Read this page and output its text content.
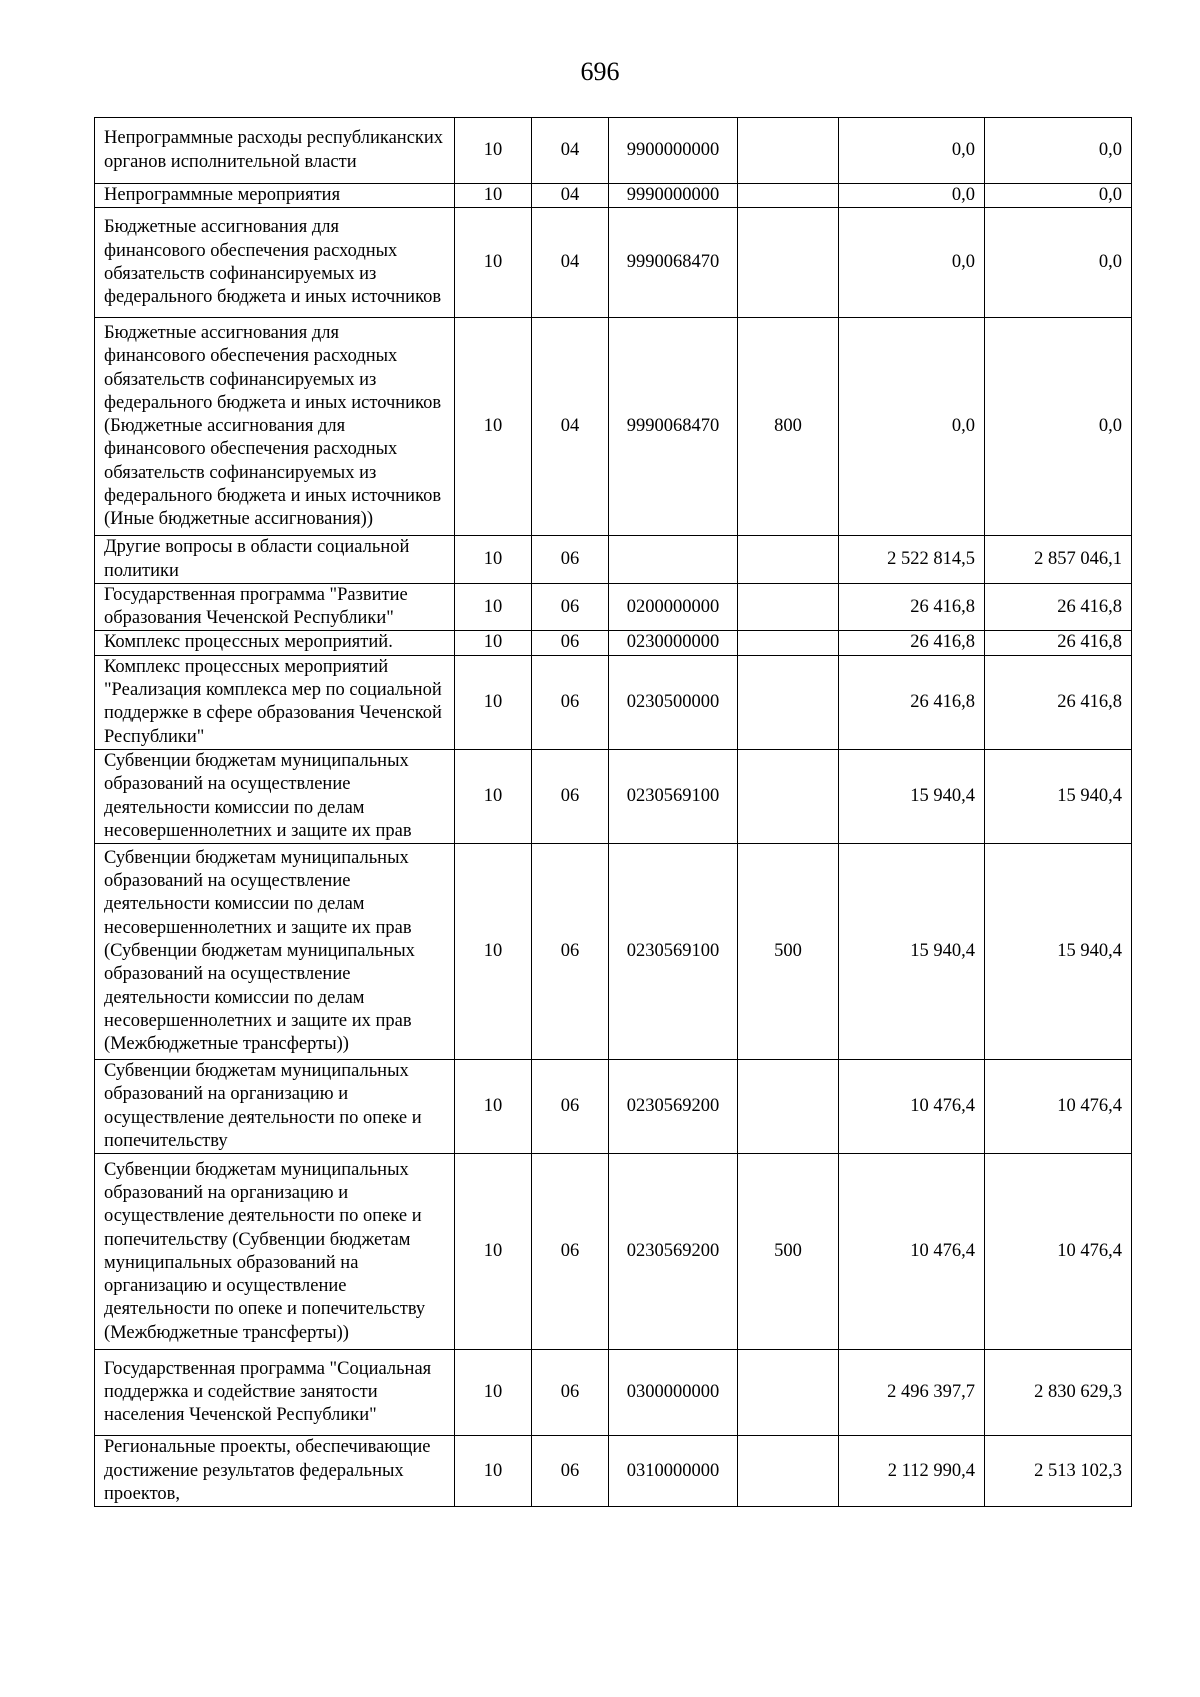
696
Непрограммные расходы республиканских органов исполнительной власти	10	04	9900000000		0,0	0,0
Непрограммные мероприятия	10	04	9990000000		0,0	0,0
Бюджетные ассигнования для финансового обеспечения расходных обязательств софинансируемых из федерального бюджета и иных источников	10	04	9990068470		0,0	0,0
Бюджетные ассигнования для финансового обеспечения расходных обязательств софинансируемых из федерального бюджета и иных источников (Бюджетные ассигнования для финансового обеспечения расходных обязательств софинансируемых из федерального бюджета и иных источников (Иные бюджетные ассигнования))	10	04	9990068470	800	0,0	0,0
Другие вопросы в области социальной политики	10	06			2 522 814,5	2 857 046,1
Государственная программа "Развитие образования Чеченской Республики"	10	06	0200000000		26 416,8	26 416,8
Комплекс процессных мероприятий.	10	06	0230000000		26 416,8	26 416,8
Комплекс процессных мероприятий "Реализация комплекса мер по социальной поддержке в сфере образования Чеченской Республики"	10	06	0230500000		26 416,8	26 416,8
Субвенции бюджетам муниципальных образований на осуществление деятельности комиссии по делам несовершеннолетних и защите их прав	10	06	0230569100		15 940,4	15 940,4
Субвенции бюджетам муниципальных образований на осуществление деятельности комиссии по делам несовершеннолетних и защите их прав (Субвенции бюджетам муниципальных образований на осуществление деятельности комиссии по делам несовершеннолетних и защите их прав (Межбюджетные трансферты))	10	06	0230569100	500	15 940,4	15 940,4
Субвенции бюджетам муниципальных образований на организацию и осуществление деятельности по опеке и попечительству	10	06	0230569200		10 476,4	10 476,4
Субвенции бюджетам муниципальных образований на организацию и осуществление деятельности по опеке и попечительству (Субвенции бюджетам муниципальных образований на организацию и осуществление деятельности по опеке и попечительству (Межбюджетные трансферты))	10	06	0230569200	500	10 476,4	10 476,4
Государственная программа "Социальная поддержка и содействие занятости населения Чеченской Республики"	10	06	0300000000		2 496 397,7	2 830 629,3
Региональные проекты, обеспечивающие достижение результатов федеральных проектов,	10	06	0310000000		2 112 990,4	2 513 102,3
